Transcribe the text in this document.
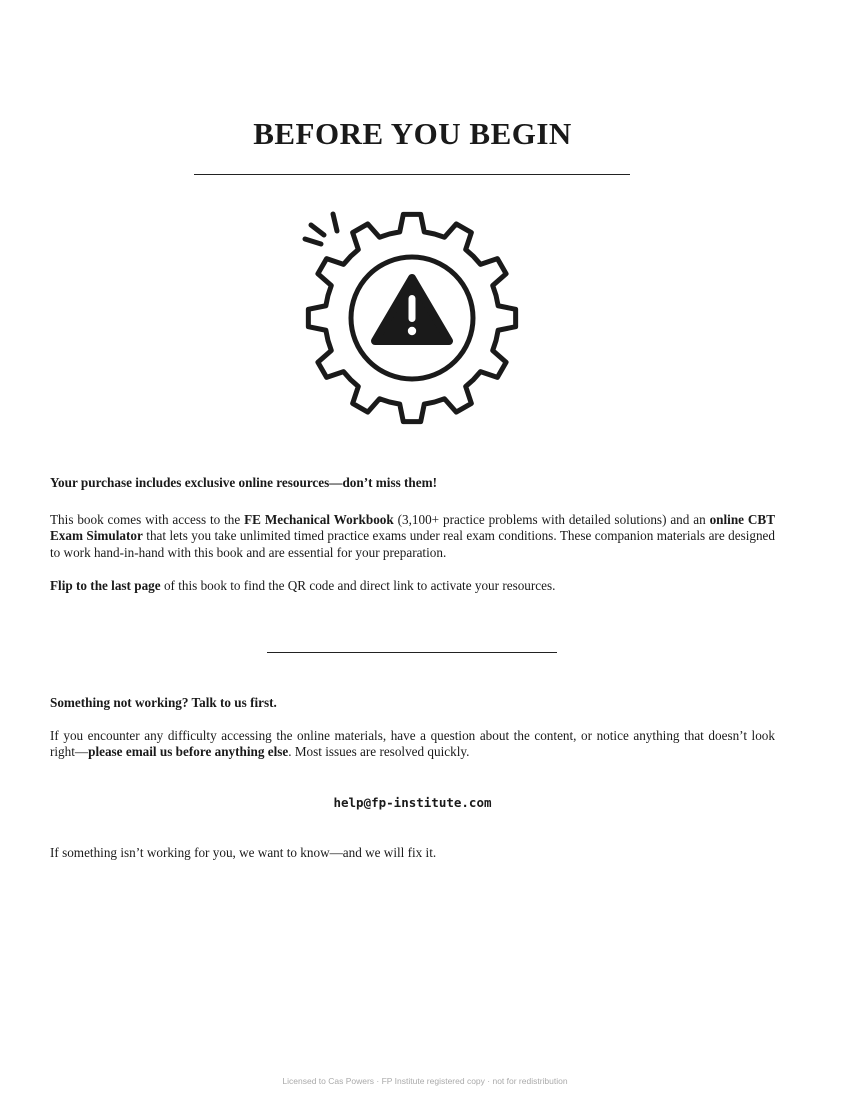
BEFORE YOU BEGIN

Your purchase includes exclusive online resources—don’t miss them!

This book comes with access to the FE Mechanical Workbook (3,100+ practice problems with detailed solutions) and an online CBT Exam Simulator that lets you take unlimited timed practice exams under real exam conditions. These companion materials are designed to work hand-in-hand with this book and are essential for your preparation.

Flip to the last page of this book to find the QR code and direct link to activate your resources.

Something not working? Talk to us first.

If you encounter any difficulty accessing the online materials, have a question about the content, or notice anything that doesn’t look right—please email us before anything else. Most issues are resolved quickly.

help@fp-institute.com

If something isn’t working for you, we want to know—and we will fix it.

Licensed to Cas Powers · FP Institute registered copy · not for redistribution
